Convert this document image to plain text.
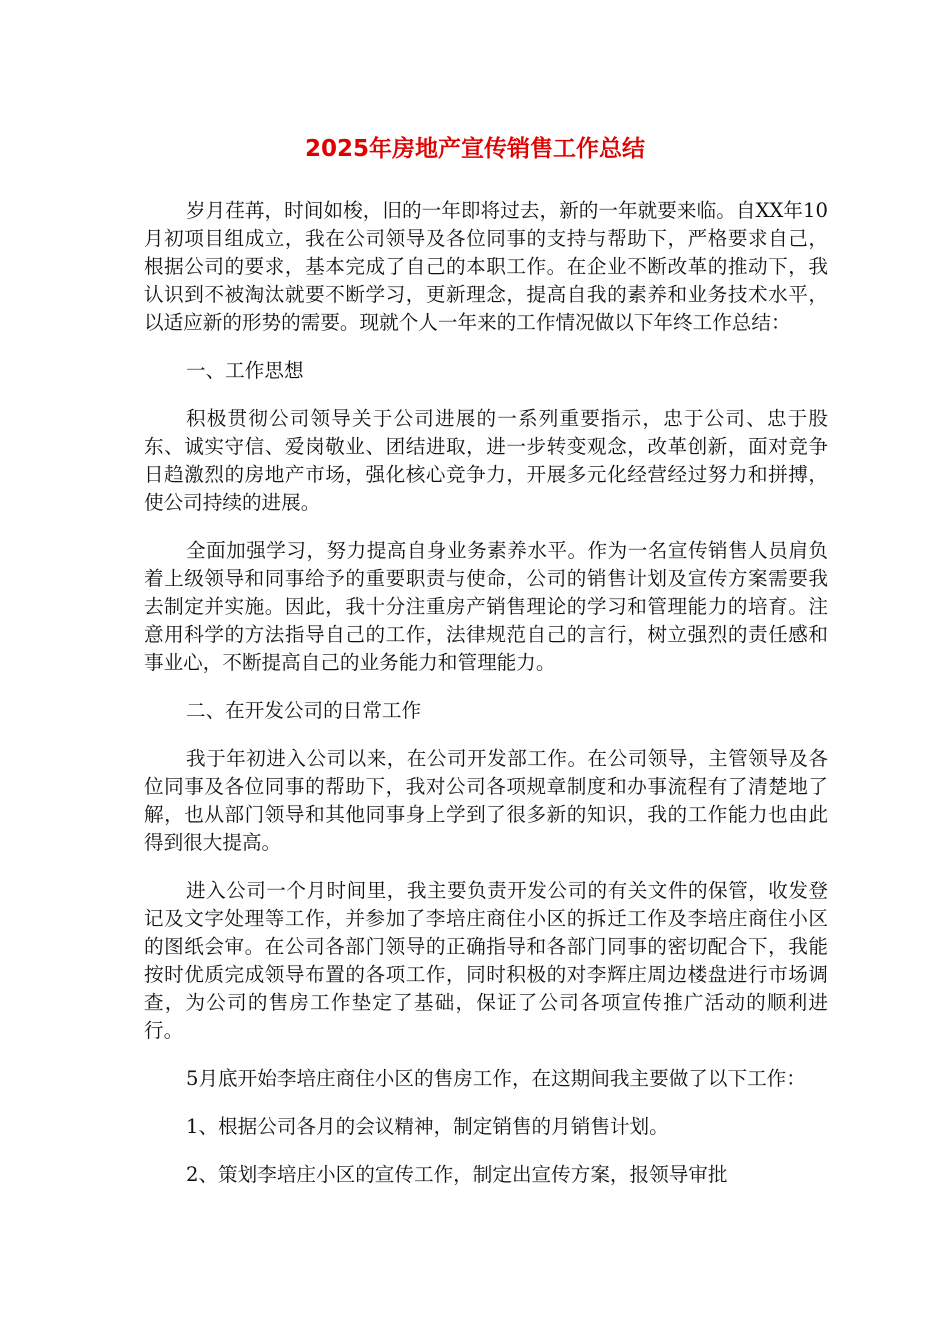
2025年房地产宣传销售工作总结

岁月荏苒，时间如梭，旧的一年即将过去，新的一年就要来临。自XX年10月初项目组成立，我在公司领导及各位同事的支持与帮助下，严格要求自己，根据公司的要求，基本完成了自己的本职工作。在企业不断改革的推动下，我认识到不被淘汰就要不断学习，更新理念，提高自我的素养和业务技术水平，以适应新的形势的需要。现就个人一年来的工作情况做以下年终工作总结：

一、工作思想

积极贯彻公司领导关于公司进展的一系列重要指示，忠于公司、忠于股东、诚实守信、爱岗敬业、团结进取，进一步转变观念，改革创新，面对竞争日趋激烈的房地产市场，强化核心竞争力，开展多元化经营经过努力和拼搏，使公司持续的进展。

全面加强学习，努力提高自身业务素养水平。作为一名宣传销售人员肩负着上级领导和同事给予的重要职责与使命，公司的销售计划及宣传方案需要我去制定并实施。因此，我十分注重房产销售理论的学习和管理能力的培育。注意用科学的方法指导自己的工作，法律规范自己的言行，树立强烈的责任感和事业心，不断提高自己的业务能力和管理能力。

二、在开发公司的日常工作

我于年初进入公司以来，在公司开发部工作。在公司领导，主管领导及各位同事及各位同事的帮助下，我对公司各项规章制度和办事流程有了清楚地了解，也从部门领导和其他同事身上学到了很多新的知识，我的工作能力也由此得到很大提高。

进入公司一个月时间里，我主要负责开发公司的有关文件的保管，收发登记及文字处理等工作，并参加了李培庄商住小区的拆迁工作及李培庄商住小区的图纸会审。在公司各部门领导的正确指导和各部门同事的密切配合下，我能按时优质完成领导布置的各项工作，同时积极的对李辉庄周边楼盘进行市场调查，为公司的售房工作垫定了基础，保证了公司各项宣传推广活动的顺利进行。

5月底开始李培庄商住小区的售房工作，在这期间我主要做了以下工作：

1、根据公司各月的会议精神，制定销售的月销售计划。

2、策划李培庄小区的宣传工作，制定出宣传方案，报领导审批
